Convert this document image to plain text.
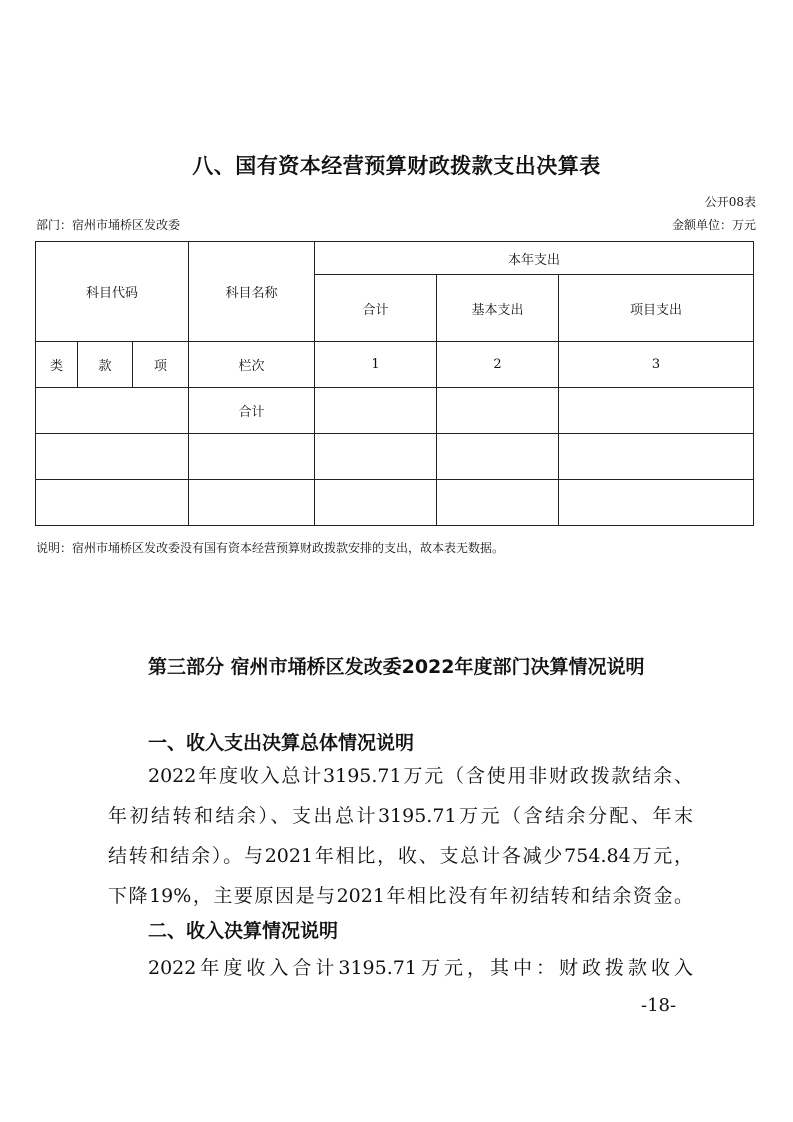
八、国有资本经营预算财政拨款支出决算表
公开08表
部门：宿州市埇桥区发改委	金额单位：万元
科目代码			科目名称	本年支出		
				合计	基本支出	项目支出
类	款	项	栏次	1	2	3
			合计			

说明：宿州市埇桥区发改委没有国有资本经营预算财政拨款安排的支出，故本表无数据。
第三部分 宿州市埇桥区发改委2022年度部门决算情况说明
一、收入支出决算总体情况说明
2022年度收入总计3195.71万元（含使用非财政拨款结余、
年初结转和结余）、支出总计3195.71万元（含结余分配、年末
结转和结余）。与2021年相比，收、支总计各减少754.84万元，
下降19%，主要原因是与2021年相比没有年初结转和结余资金。
二、收入决算情况说明
2022年度收入合计3195.71万元，其中：财政拨款收入
-18-
